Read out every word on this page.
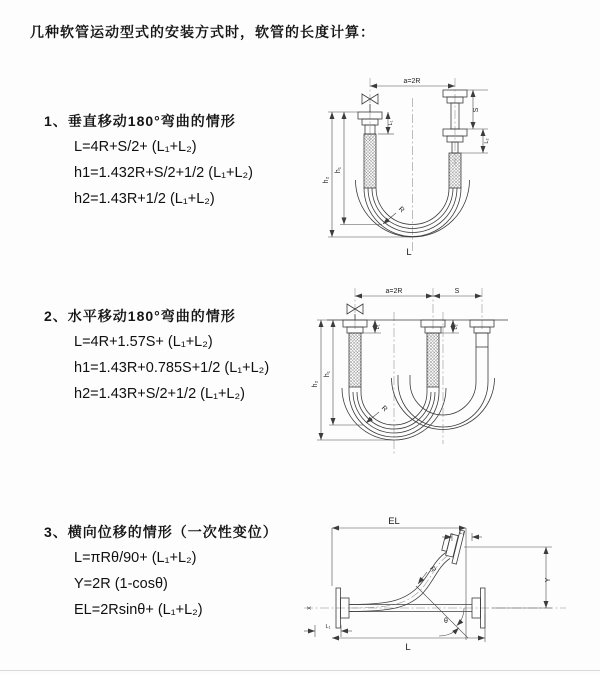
几种软管运动型式的安装方式时，软管的长度计算：
1、垂直移动180°弯曲的情形
L=4R+S/2+ (L₁+L₂)
h1=1.432R+S/2+1/2 (L₁+L₂)
h2=1.43R+1/2 (L₁+L₂)
2、水平移动180°弯曲的情形
L=4R+1.57S+ (L₁+L₂)
h1=1.43R+0.785S+1/2 (L₁+L₂)
h2=1.43R+S/2+1/2 (L₁+L₂)
3、横向位移的情形（一次性变位）
L=πRθ/90+ (L₁+L₂)
Y=2R (1-cosθ)
EL=2Rsinθ+ (L₁+L₂)
a=2R
L₁
S
L₂
h₁
h₂
R
L
a=2R	S
L₁	L₂
h₁
h₂
R
EL
L₂
Y
R
θ
L
L₁
X
